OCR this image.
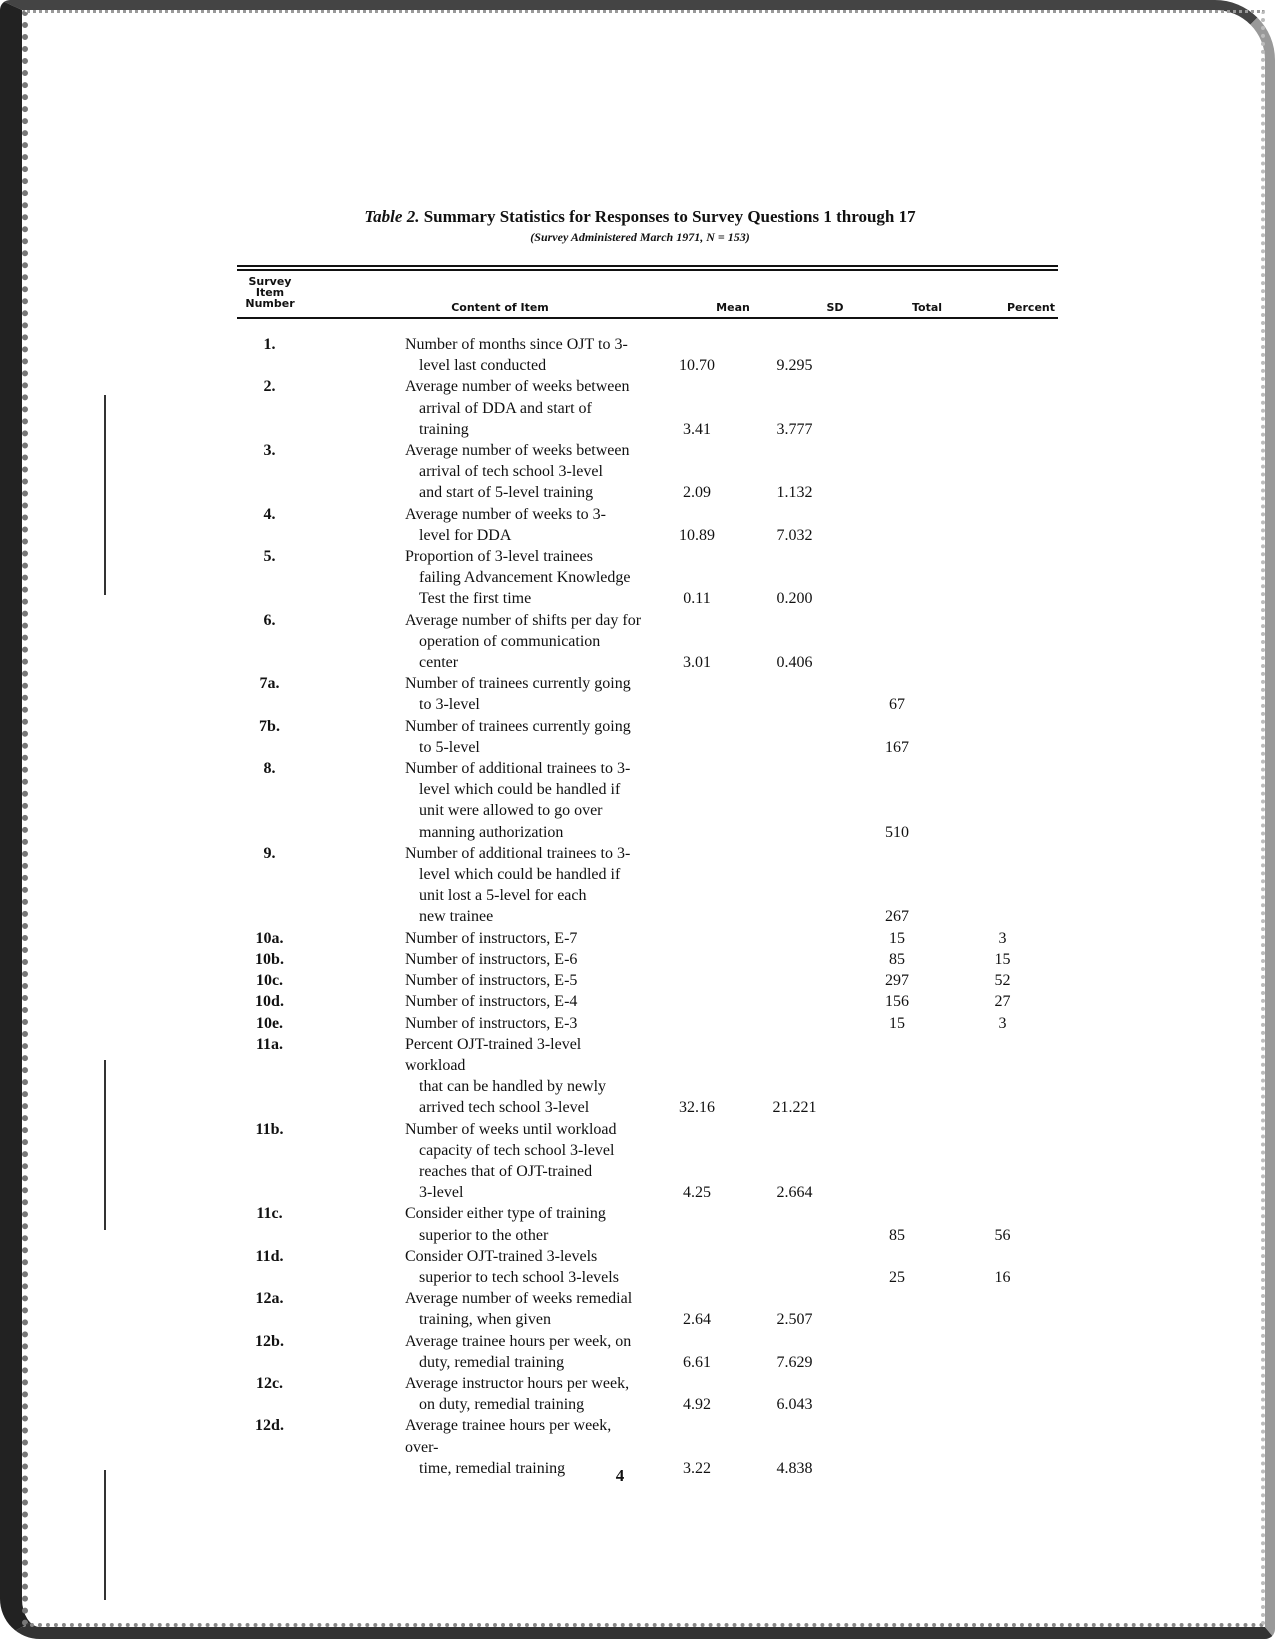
Table 2. Summary Statistics for Responses to Survey Questions 1 through 17
(Survey Administered March 1971, N = 153)
Survey
Item
Number	Content of Item	Mean	SD	Total	Percent
1.	Number of months since OJT to 3-
level last conducted	10.70	9.295		
2.	Average number of weeks between
arrival of DDA and start of
training	3.41	3.777		
3.	Average number of weeks between
arrival of tech school 3-level
and start of 5-level training	2.09	1.132		
4.	Average number of weeks to 3-
level for DDA	10.89	7.032		
5.	Proportion of 3-level trainees
failing Advancement Knowledge
Test the first time	0.11	0.200		
6.	Average number of shifts per day for
operation of communication center	3.01	0.406		
7a.	Number of trainees currently going
to 3-level			67	
7b.	Number of trainees currently going
to 5-level			167	
8.	Number of additional trainees to 3-
level which could be handled if
unit were allowed to go over
manning authorization			510	
9.	Number of additional trainees to 3-
level which could be handled if
unit lost a 5-level for each
new trainee			267	
10a.	Number of instructors, E-7			15	3
10b.	Number of instructors, E-6			85	15
10c.	Number of instructors, E-5			297	52
10d.	Number of instructors, E-4			156	27
10e.	Number of instructors, E-3			15	3
11a.	Percent OJT-trained 3-level workload
that can be handled by newly
arrived tech school 3-level	32.16	21.221		
11b.	Number of weeks until workload
capacity of tech school 3-level
reaches that of OJT-trained
3-level	4.25	2.664		
11c.	Consider either type of training
superior to the other			85	56
11d.	Consider OJT-trained 3-levels
superior to tech school 3-levels			25	16
12a.	Average number of weeks remedial
training, when given	2.64	2.507		
12b.	Average trainee hours per week, on
duty, remedial training	6.61	7.629		
12c.	Average instructor hours per week,
on duty, remedial training	4.92	6.043		
12d.	Average trainee hours per week, over-
time, remedial training	3.22	4.838		
4
